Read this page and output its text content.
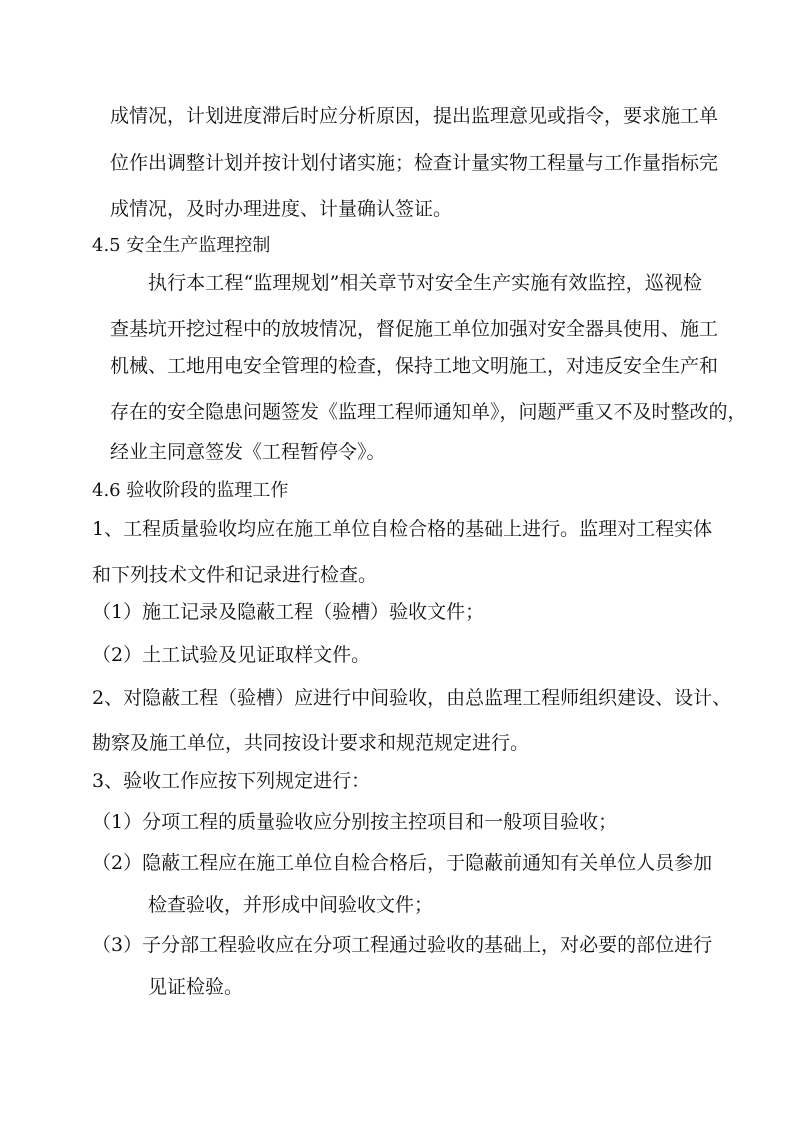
成情况，计划进度滞后时应分析原因，提出监理意见或指令，要求施工单
位作出调整计划并按计划付诸实施；检查计量实物工程量与工作量指标完
成情况，及时办理进度、计量确认签证。
4.5 安全生产监理控制
执行本工程“监理规划”相关章节对安全生产实施有效监控，巡视检
查基坑开挖过程中的放坡情况，督促施工单位加强对安全器具使用、施工
机械、工地用电安全管理的检查，保持工地文明施工，对违反安全生产和
存在的安全隐患问题签发《监理工程师通知单》，问题严重又不及时整改的，
经业主同意签发《工程暂停令》。
4.6 验收阶段的监理工作
1、工程质量验收均应在施工单位自检合格的基础上进行。监理对工程实体
和下列技术文件和记录进行检查。
（1）施工记录及隐蔽工程（验槽）验收文件；
（2）土工试验及见证取样文件。
2、对隐蔽工程（验槽）应进行中间验收，由总监理工程师组织建设、设计、
勘察及施工单位，共同按设计要求和规范规定进行。
3、验收工作应按下列规定进行：
（1）分项工程的质量验收应分别按主控项目和一般项目验收；
（2）隐蔽工程应在施工单位自检合格后，于隐蔽前通知有关单位人员参加
检查验收，并形成中间验收文件；
（3）子分部工程验收应在分项工程通过验收的基础上，对必要的部位进行
见证检验。
